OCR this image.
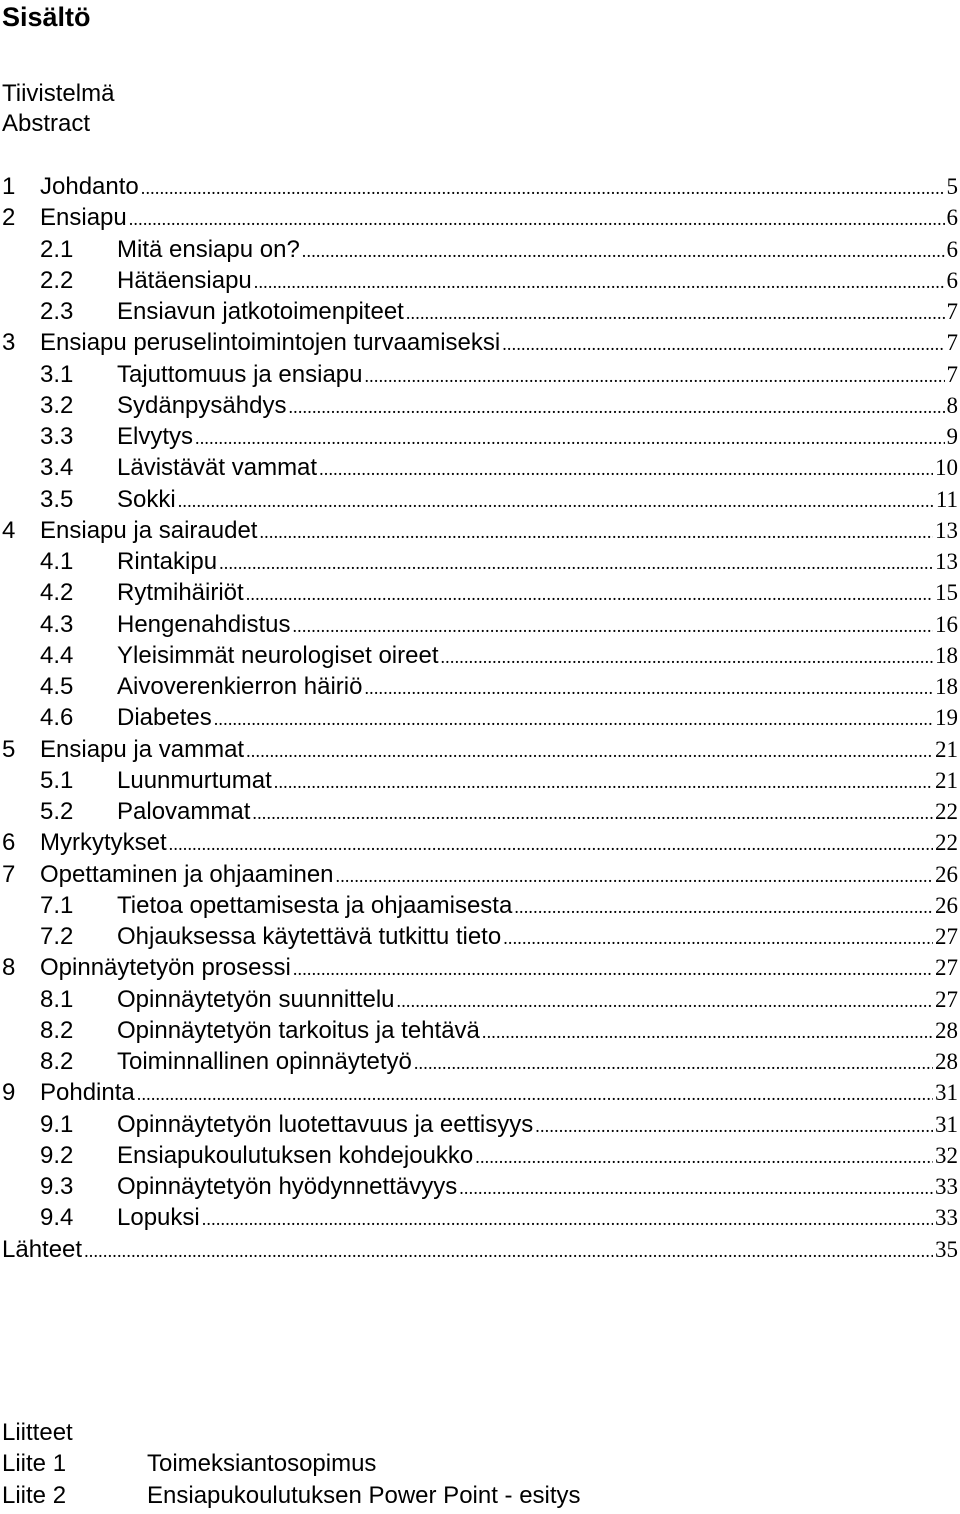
Sisältö
Tiivistelmä
Abstract
1	Johdanto .....	5
2	Ensiapu .....	6
2.1	Mitä ensiapu on? .....	6
2.2	Hätäensiapu .....	6
2.3	Ensiavun jatkotoimenpiteet .....	7
3	Ensiapu peruselintoimintojen turvaamiseksi .....	7
3.1	Tajuttomuus ja ensiapu .....	7
3.2	Sydänpysähdys .....	8
3.3	Elvytys .....	9
3.4	Lävistävät vammat .....	10
3.5	Sokki .....	11
4	Ensiapu ja sairaudet .....	13
4.1	Rintakipu .....	13
4.2	Rytmihäiriöt .....	15
4.3	Hengenahdistus .....	16
4.4	Yleisimmät neurologiset oireet .....	18
4.5	Aivoverenkierron häiriö .....	18
4.6	Diabetes .....	19
5	Ensiapu ja vammat .....	21
5.1	Luunmurtumat .....	21
5.2	Palovammat .....	22
6	Myrkytykset .....	22
7	Opettaminen ja ohjaaminen .....	26
7.1	Tietoa opettamisesta ja ohjaamisesta .....	26
7.2	Ohjauksessa käytettävä tutkittu tieto .....	27
8	Opinnäytetyön prosessi .....	27
8.1	Opinnäytetyön suunnittelu .....	27
8.2	Opinnäytetyön tarkoitus ja tehtävä .....	28
8.2	Toiminnallinen opinnäytetyö .....	28
9	Pohdinta .....	31
9.1	Opinnäytetyön luotettavuus ja eettisyys .....	31
9.2	Ensiapukoulutuksen kohdejoukko .....	32
9.3	Opinnäytetyön hyödynnettävyys .....	33
9.4	Lopuksi .....	33
Lähteet .....	35
Liitteet
Liite 1	Toimeksiantosopimus
Liite 2	Ensiapukoulutuksen Power Point - esitys
